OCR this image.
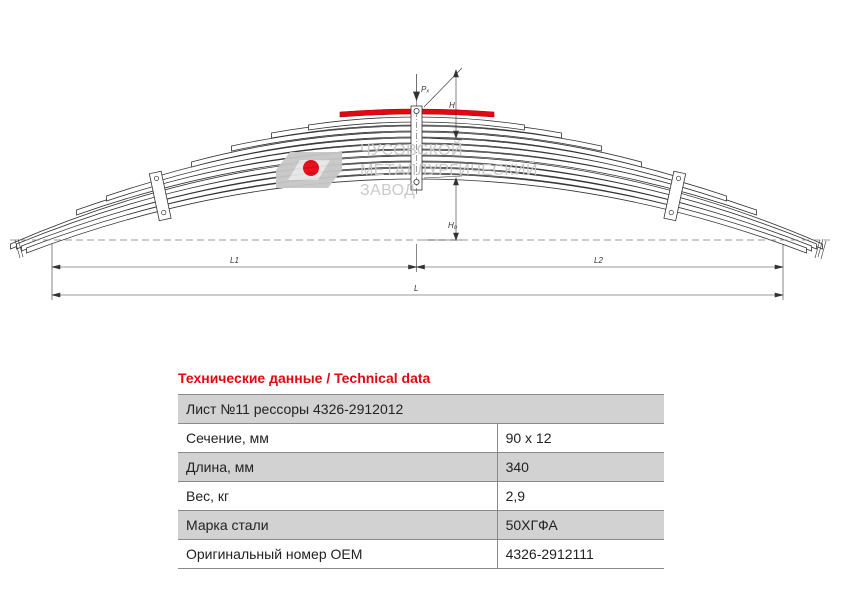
Pₓ
H
H₀
L1	L2
L
ЧУСОВСКОЙ
МЕТАЛЛУРГИЧЕСКИЙ
ЗАВОД
Технические данные / Technical data
Лист №11 рессоры 4326-2912012	
Сечение, мм	90 x 12
Длина, мм	340
Вес, кг	2,9
Марка стали	50ХГФА
Оригинальный номер OEM	4326-2912111
